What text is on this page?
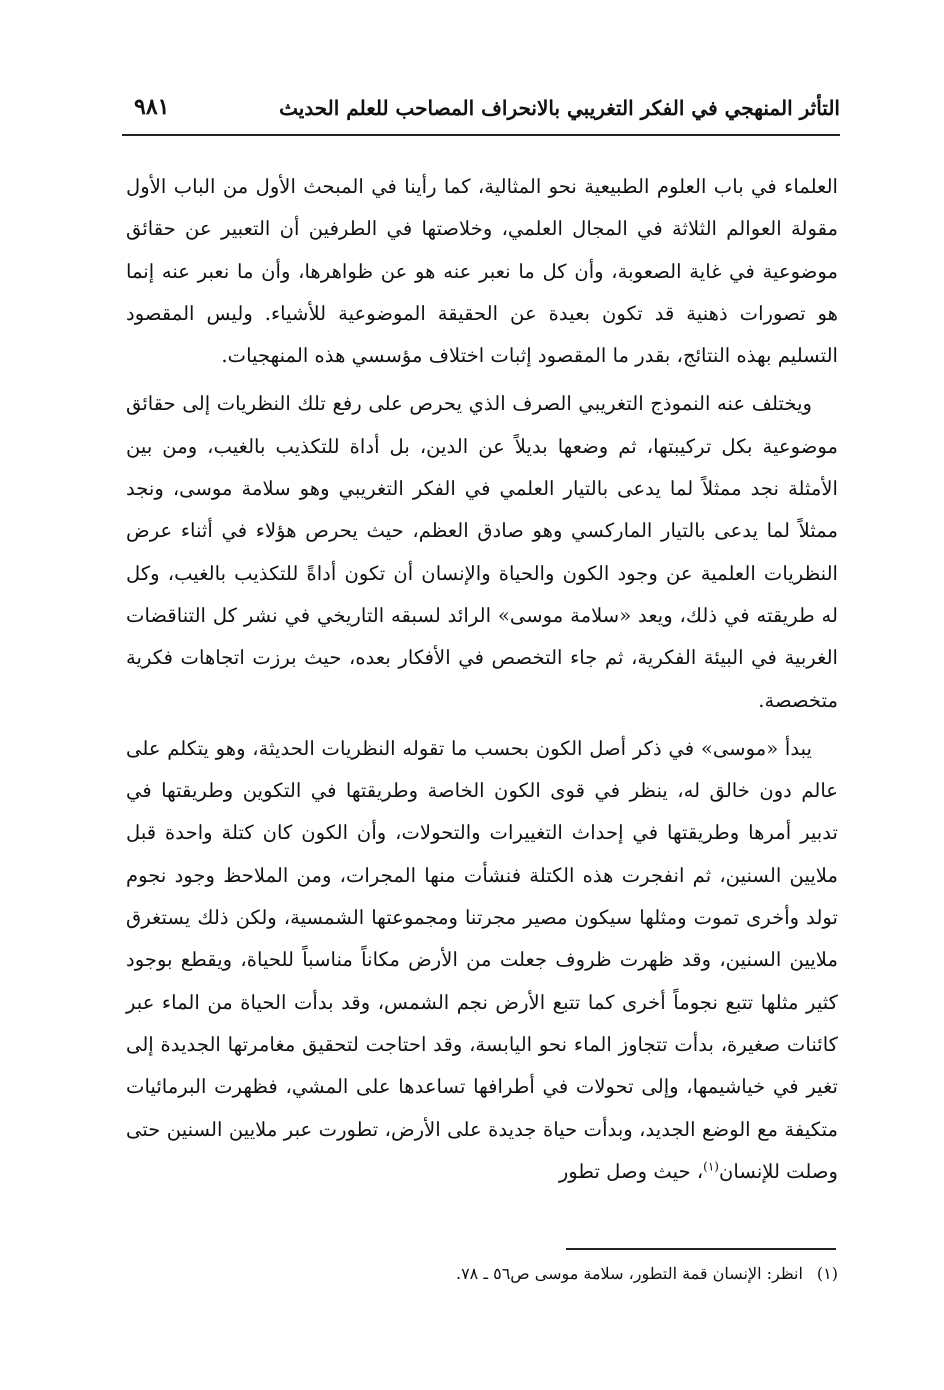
التأثر المنهجي في الفكر التغريبي بالانحراف المصاحب للعلم الحديث
٩٨١

العلماء في باب العلوم الطبيعية نحو المثالية، كما رأينا في المبحث الأول من الباب الأول مقولة العوالم الثلاثة في المجال العلمي، وخلاصتها في الطرفين أن التعبير عن حقائق موضوعية في غاية الصعوبة، وأن كل ما نعبر عنه هو عن ظواهرها، وأن ما نعبر عنه إنما هو تصورات ذهنية قد تكون بعيدة عن الحقيقة الموضوعية للأشياء. وليس المقصود التسليم بهذه النتائج، بقدر ما المقصود إثبات اختلاف مؤسسي هذه المنهجيات.

ويختلف عنه النموذج التغريبي الصرف الذي يحرص على رفع تلك النظريات إلى حقائق موضوعية بكل تركيبتها، ثم وضعها بديلاً عن الدين، بل أداة للتكذيب بالغيب، ومن بين الأمثلة نجد ممثلاً لما يدعى بالتيار العلمي في الفكر التغريبي وهو سلامة موسى، ونجد ممثلاً لما يدعى بالتيار الماركسي وهو صادق العظم، حيث يحرص هؤلاء في أثناء عرض النظريات العلمية عن وجود الكون والحياة والإنسان أن تكون أداةً للتكذيب بالغيب، وكل له طريقته في ذلك، ويعد «سلامة موسى» الرائد لسبقه التاريخي في نشر كل التناقضات الغربية في البيئة الفكرية، ثم جاء التخصص في الأفكار بعده، حيث برزت اتجاهات فكرية متخصصة.

يبدأ «موسى» في ذكر أصل الكون بحسب ما تقوله النظريات الحديثة، وهو يتكلم على عالم دون خالق له، ينظر في قوى الكون الخاصة وطريقتها في التكوين وطريقتها في تدبير أمرها وطريقتها في إحداث التغييرات والتحولات، وأن الكون كان كتلة واحدة قبل ملايين السنين، ثم انفجرت هذه الكتلة فنشأت منها المجرات، ومن الملاحظ وجود نجوم تولد وأخرى تموت ومثلها سيكون مصير مجرتنا ومجموعتها الشمسية، ولكن ذلك يستغرق ملايين السنين، وقد ظهرت ظروف جعلت من الأرض مكاناً مناسباً للحياة، ويقطع بوجود كثير مثلها تتبع نجوماً أخرى كما تتبع الأرض نجم الشمس، وقد بدأت الحياة من الماء عبر كائنات صغيرة، بدأت تتجاوز الماء نحو اليابسة، وقد احتاجت لتحقيق مغامرتها الجديدة إلى تغير في خياشيمها، وإلى تحولات في أطرافها تساعدها على المشي، فظهرت البرمائيات متكيفة مع الوضع الجديد، وبدأت حياة جديدة على الأرض، تطورت عبر ملايين السنين حتى وصلت للإنسان$^{(١)}$، حيث وصل تطور

(١)انظر: الإنسان قمة التطور، سلامة موسى ص٥٦ ـ ٧٨.
